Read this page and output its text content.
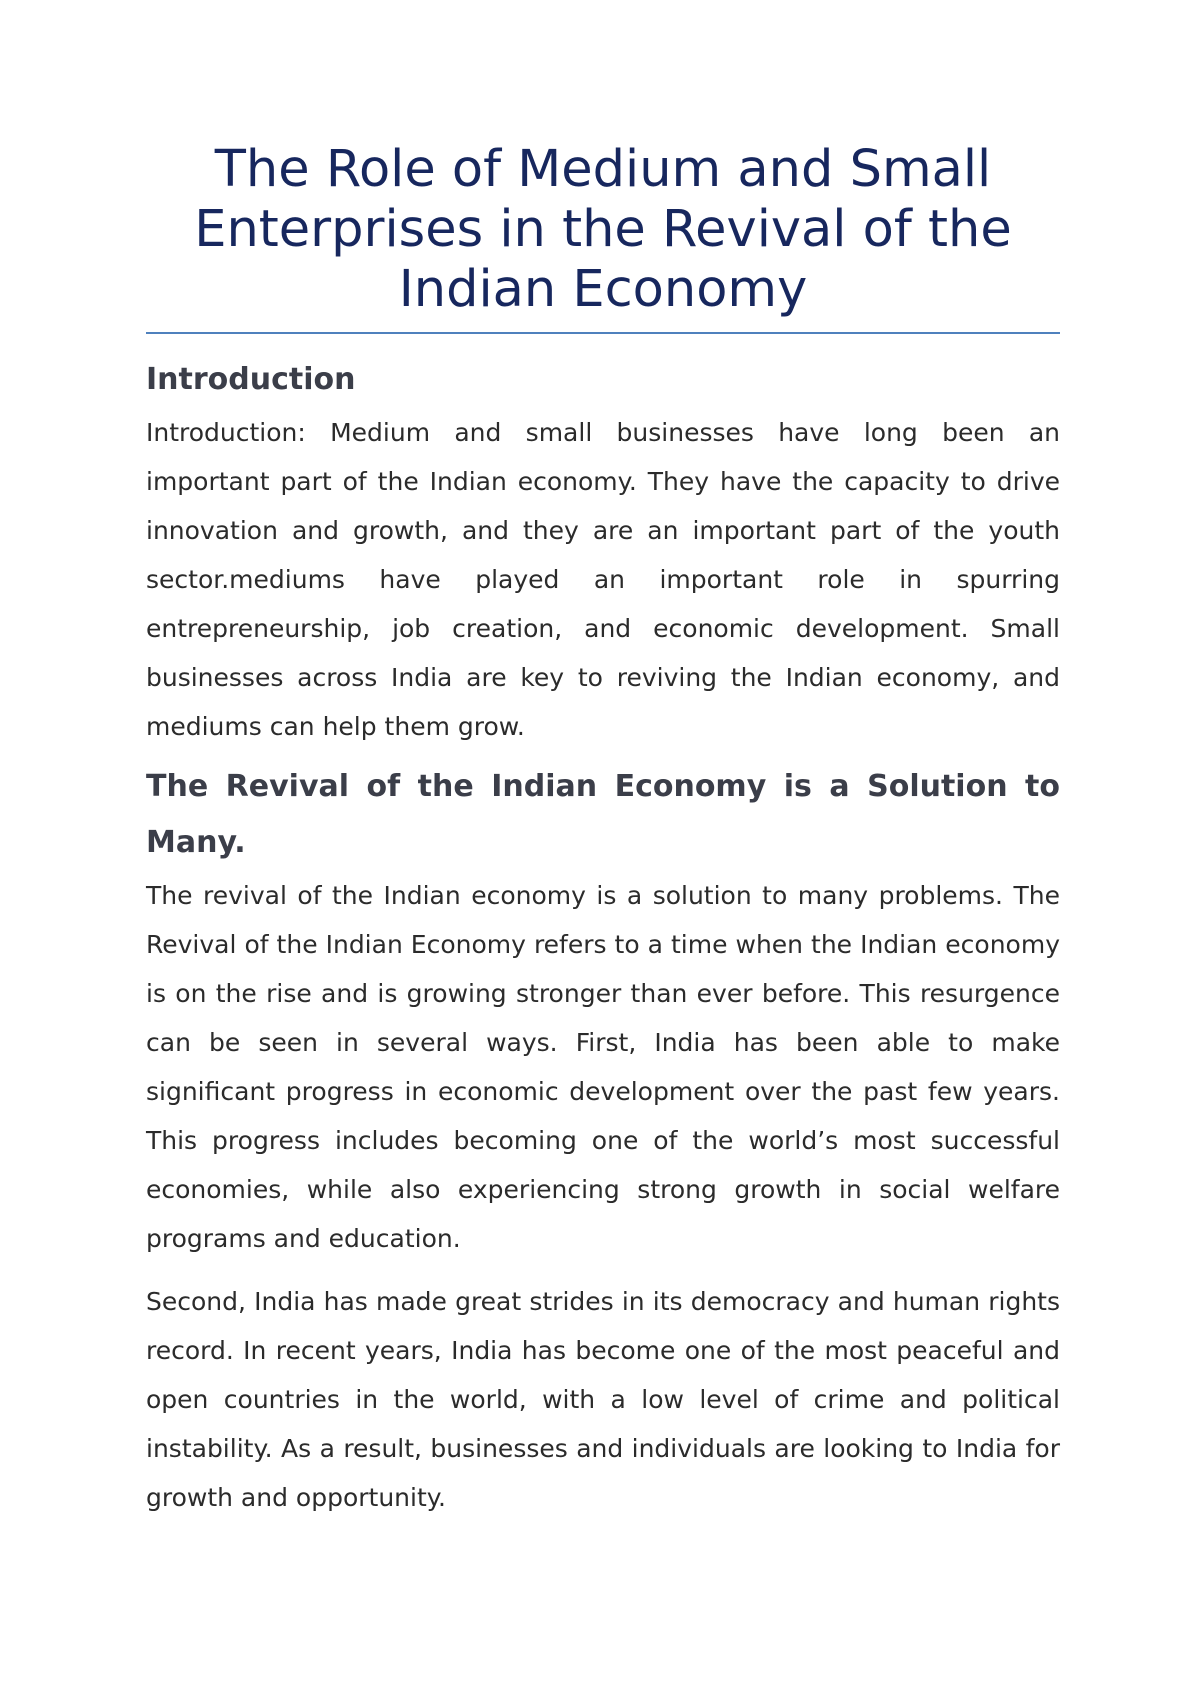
The Role of Medium and Small Enterprises in the Revival of the Indian Economy
Introduction

Introduction: Medium and small businesses have long been an important part of the Indian economy. They have the capacity to drive innovation and growth, and they are an important part of the youth sector.mediums have played an important role in spurring entrepreneurship, job creation, and economic development. Small businesses across India are key to reviving the Indian economy, and mediums can help them grow.

The Revival of the Indian Economy is a Solution to Many.

The revival of the Indian economy is a solution to many problems. The Revival of the Indian Economy refers to a time when the Indian economy is on the rise and is growing stronger than ever before. This resurgence can be seen in several ways. First, India has been able to make significant progress in economic development over the past few years. This progress includes becoming one of the world’s most successful economies, while also experiencing strong growth in social welfare programs and education.

Second, India has made great strides in its democracy and human rights record. In recent years, India has become one of the most peaceful and open countries in the world, with a low level of crime and political instability. As a result, businesses and individuals are looking to India for growth and opportunity.
